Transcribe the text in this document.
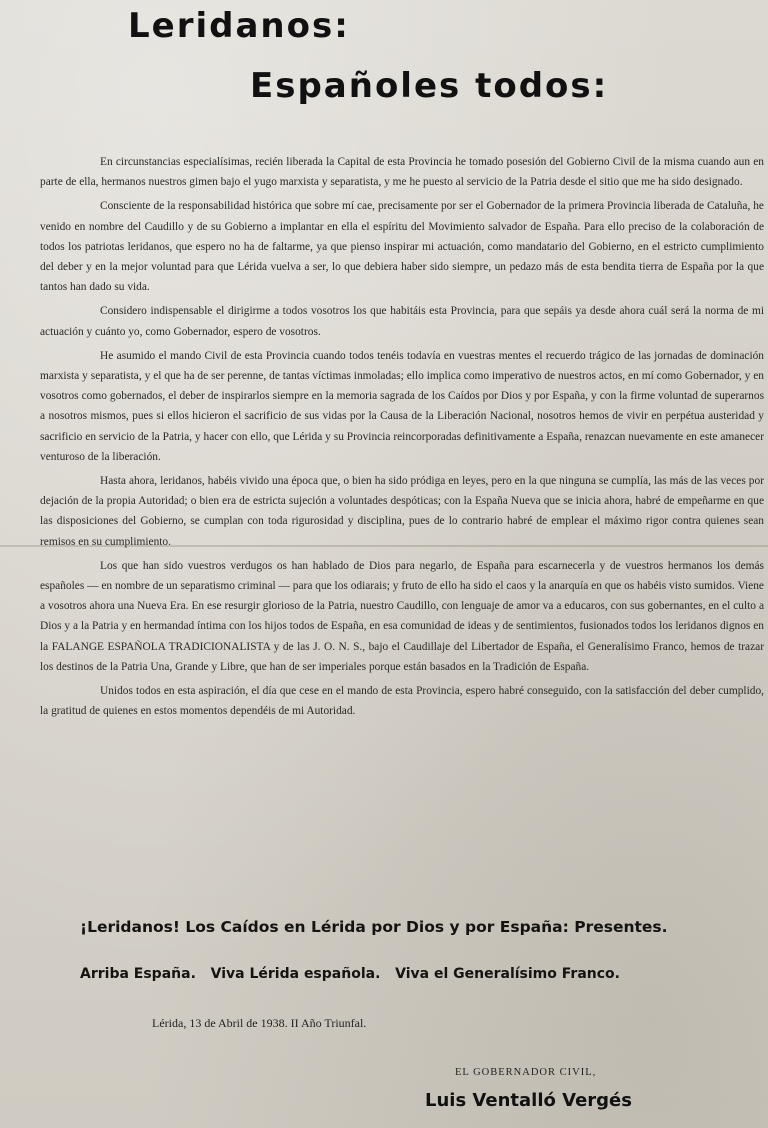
Leridanos:
Españoles todos:

En circunstancias especialísimas, recién liberada la Capital de esta Provincia he tomado posesión del Gobierno Civil de la misma cuando aun en parte de ella, hermanos nuestros gimen bajo el yugo marxista y separatista, y me he puesto al servicio de la Patria desde el sitio que me ha sido designado.

Consciente de la responsabilidad histórica que sobre mí cae, precisamente por ser el Gobernador de la primera Provincia liberada de Cataluña, he venido en nombre del Caudillo y de su Gobierno a implantar en ella el espíritu del Movimiento salvador de España. Para ello preciso de la colaboración de todos los patriotas leridanos, que espero no ha de faltarme, ya que pienso inspirar mi actuación, como mandatario del Gobierno, en el estricto cumplimiento del deber y en la mejor voluntad para que Lérida vuelva a ser, lo que debiera haber sido siempre, un pedazo más de esta bendita tierra de España por la que tantos han dado su vida.

Considero indispensable el dirigirme a todos vosotros los que habitáis esta Provincia, para que sepáis ya desde ahora cuál será la norma de mi actuación y cuánto yo, como Gobernador, espero de vosotros.

He asumido el mando Civil de esta Provincia cuando todos tenéis todavía en vuestras mentes el recuerdo trágico de las jornadas de dominación marxista y separatista, y el que ha de ser perenne, de tantas víctimas inmoladas; ello implica como imperativo de nuestros actos, en mí como Gobernador, y en vosotros como gobernados, el deber de inspirarlos siempre en la memoria sagrada de los Caídos por Dios y por España, y con la firme voluntad de superarnos a nosotros mismos, pues si ellos hicieron el sacrificio de sus vidas por la Causa de la Liberación Nacional, nosotros hemos de vivir en perpétua austeridad y sacrificio en servicio de la Patria, y hacer con ello, que Lérida y su Provincia reincorporadas definitivamente a España, renazcan nuevamente en este amanecer venturoso de la liberación.

Hasta ahora, leridanos, habéis vivido una época que, o bien ha sido pródiga en leyes, pero en la que ninguna se cumplía, las más de las veces por dejación de la propia Autoridad; o bien era de estricta sujeción a voluntades despóticas; con la España Nueva que se inicia ahora, habré de empeñarme en que las disposiciones del Gobierno, se cumplan con toda rigurosidad y disciplina, pues de lo contrario habré de emplear el máximo rigor contra quienes sean remisos en su cumplimiento.

Los que han sido vuestros verdugos os han hablado de Dios para negarlo, de España para escarnecerla y de vuestros hermanos los demás españoles — en nombre de un separatismo criminal — para que los odiarais; y fruto de ello ha sido el caos y la anarquía en que os habéis visto sumidos. Viene a vosotros ahora una Nueva Era. En ese resurgir glorioso de la Patria, nuestro Caudillo, con lenguaje de amor va a educaros, con sus gobernantes, en el culto a Dios y a la Patria y en hermandad íntima con los hijos todos de España, en esa comunidad de ideas y de sentimientos, fusionados todos los leridanos dignos en la FALANGE ESPAÑOLA TRADICIONALISTA y de las J. O. N. S., bajo el Caudillaje del Libertador de España, el Generalísimo Franco, hemos de trazar los destinos de la Patria Una, Grande y Libre, que han de ser imperiales porque están basados en la Tradición de España.

Unidos todos en esta aspiración, el día que cese en el mando de esta Provincia, espero habré conseguido, con la satisfacción del deber cumplido, la gratitud de quienes en estos momentos dependéis de mi Autoridad.

¡Leridanos! Los Caídos en Lérida por Dios y por España: Presentes.
Arriba España. Viva Lérida española. Viva el Generalísimo Franco.
Lérida, 13 de Abril de 1938. II Año Triunfal.
EL GOBERNADOR CIVIL,
Luis Ventalló Vergés
